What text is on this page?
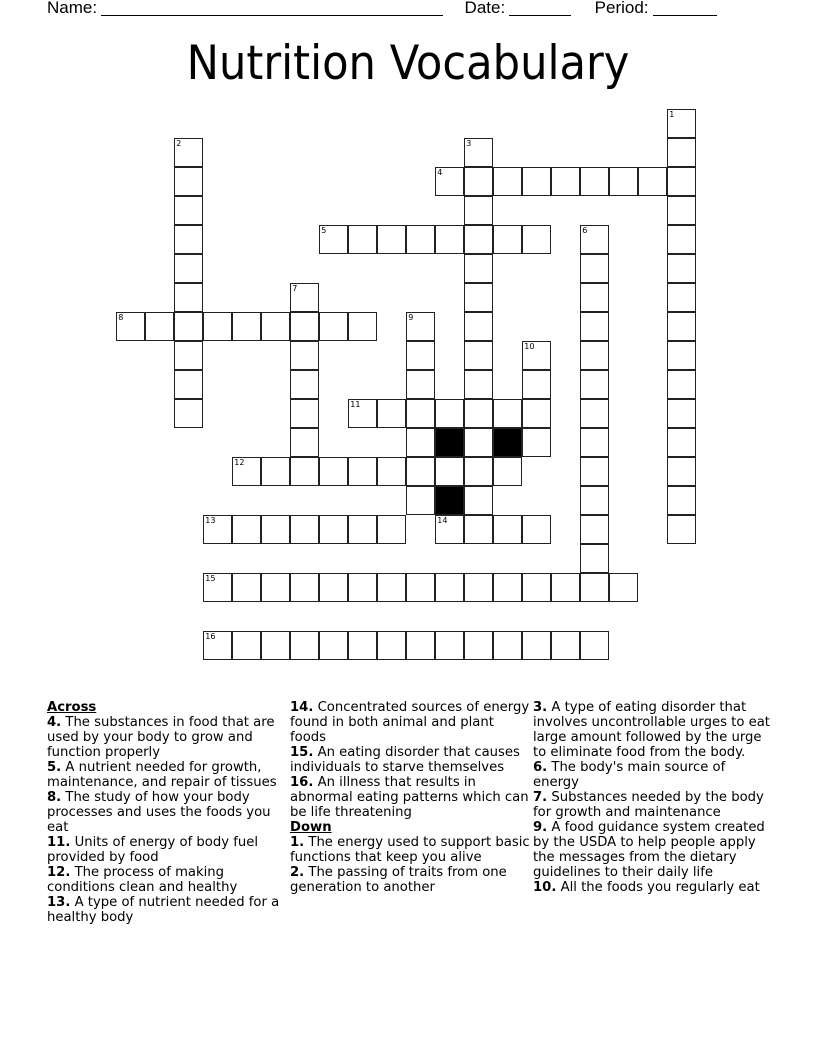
Name:	Date:	Period:
Nutrition Vocabulary
1
2	3
4
5	6
7
8	9
10
11
12
13	14
15
16
Across
4. The substances in food that are used by your body to grow and function properly
5. A nutrient needed for growth, maintenance, and repair of tissues
8. The study of how your body processes and uses the foods you eat
11. Units of energy of body fuel provided by food
12. The process of making conditions clean and healthy
13. A type of nutrient needed for a healthy body
14. Concentrated sources of energy found in both animal and plant foods
15. An eating disorder that causes individuals to starve themselves
16. An illness that results in abnormal eating patterns which can be life threatening
Down
1. The energy used to support basic functions that keep you alive
2. The passing of traits from one generation to another
3. A type of eating disorder that involves uncontrollable urges to eat large amount followed by the urge to eliminate food from the body.
6. The body's main source of energy
7. Substances needed by the body for growth and maintenance
9. A food guidance system created by the USDA to help people apply the messages from the dietary guidelines to their daily life
10. All the foods you regularly eat
